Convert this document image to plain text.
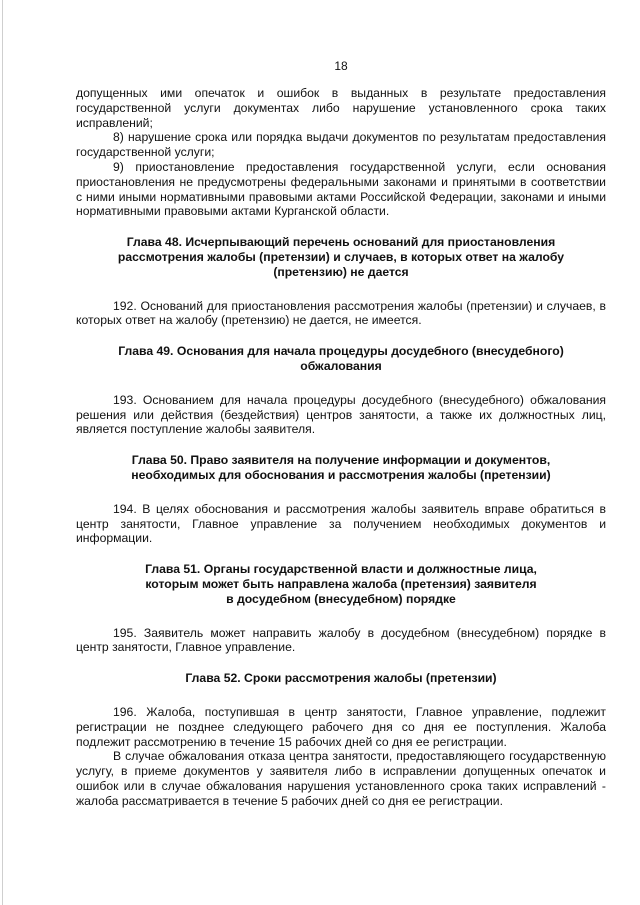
18

допущенных ими опечаток и ошибок в выданных в результате предоставления государственной услуги документах либо нарушение установленного срока таких исправлений;

8) нарушение срока или порядка выдачи документов по результатам предоставления государственной услуги;

9) приостановление предоставления государственной услуги, если основания приостановления не предусмотрены федеральными законами и принятыми в соответствии с ними иными нормативными правовыми актами Российской Федерации, законами и иными нормативными правовыми актами Курганской области.

Глава 48. Исчерпывающий перечень оснований для приостановления
рассмотрения жалобы (претензии) и случаев, в которых ответ на жалобу
(претензию) не дается

192. Оснований для приостановления рассмотрения жалобы (претензии) и случаев, в которых ответ на жалобу (претензию) не дается, не имеется.

Глава 49. Основания для начала процедуры досудебного (внесудебного)
обжалования

193. Основанием для начала процедуры досудебного (внесудебного) обжалования решения или действия (бездействия) центров занятости, а также их должностных лиц, является поступление жалобы заявителя.

Глава 50. Право заявителя на получение информации и документов,
необходимых для обоснования и рассмотрения жалобы (претензии)

194. В целях обоснования и рассмотрения жалобы заявитель вправе обратиться в центр занятости, Главное управление за получением необходимых документов и информации.

Глава 51. Органы государственной власти и должностные лица,
которым может быть направлена жалоба (претензия) заявителя
в досудебном (внесудебном) порядке

195. Заявитель может направить жалобу в досудебном (внесудебном) порядке в центр занятости, Главное управление.

Глава 52. Сроки рассмотрения жалобы (претензии)

196. Жалоба, поступившая в центр занятости, Главное управление, подлежит регистрации не позднее следующего рабочего дня со дня ее поступления. Жалоба подлежит рассмотрению в течение 15 рабочих дней со дня ее регистрации.

В случае обжалования отказа центра занятости, предоставляющего государственную услугу, в приеме документов у заявителя либо в исправлении допущенных опечаток и ошибок или в случае обжалования нарушения установленного срока таких исправлений - жалоба рассматривается в течение 5 рабочих дней со дня ее регистрации.
